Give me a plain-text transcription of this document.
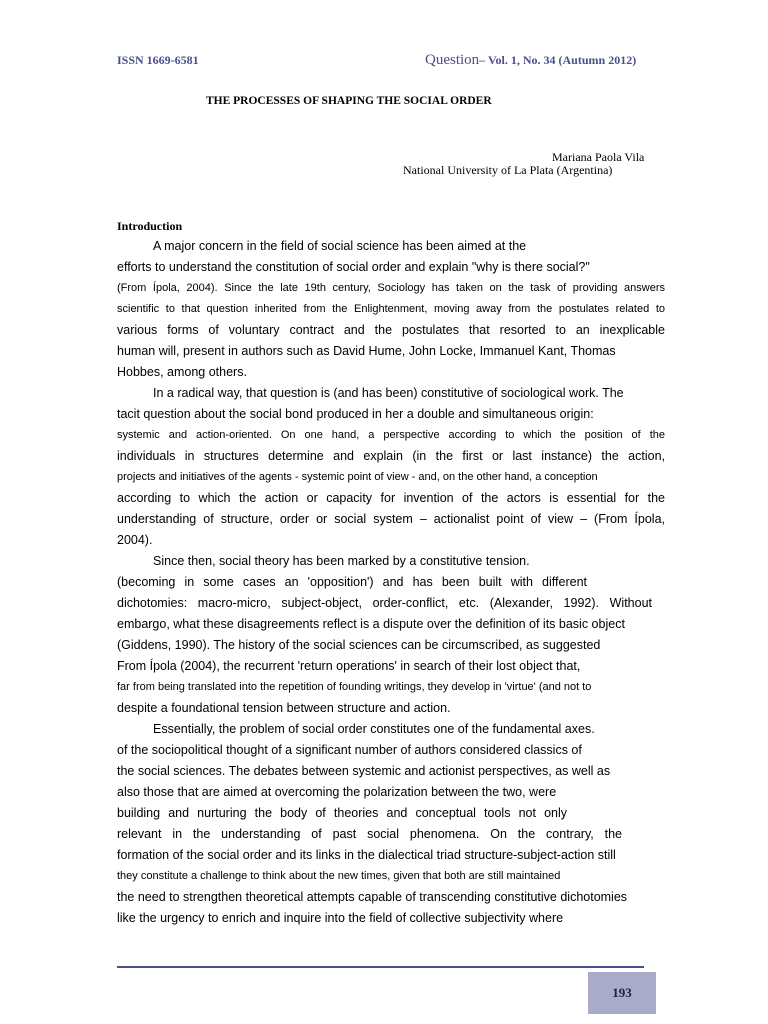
ISSN 1669-6581	Question– Vol. 1, No. 34 (Autumn 2012)
THE PROCESSES OF SHAPING THE SOCIAL ORDER
Mariana Paola Vila
National University of La Plata (Argentina)
Introduction
A major concern in the field of social science has been aimed at the
efforts to understand the constitution of social order and explain "why is there social?"
(From Ípola, 2004). Since the late 19th century, Sociology has taken on the task of providing answers
scientific to that question inherited from the Enlightenment, moving away from the postulates related to
various forms of voluntary contract and the postulates that resorted to an inexplicable
human will, present in authors such as David Hume, John Locke, Immanuel Kant, Thomas
Hobbes, among others.
In a radical way, that question is (and has been) constitutive of sociological work. The
tacit question about the social bond produced in her a double and simultaneous origin:
systemic and action-oriented. On one hand, a perspective according to which the position of the
individuals in structures determine and explain (in the first or last instance) the action,
projects and initiatives of the agents - systemic point of view - and, on the other hand, a conception
according to which the action or capacity for invention of the actors is essential for the
understanding of structure, order or social system – actionalist point of view – (From Ípola,
2004).
Since then, social theory has been marked by a constitutive tension.
(becoming in some cases an 'opposition') and has been built with different
dichotomies: macro-micro, subject-object, order-conflict, etc. (Alexander, 1992). Without
embargo, what these disagreements reflect is a dispute over the definition of its basic object
(Giddens, 1990). The history of the social sciences can be circumscribed, as suggested
From Ípola (2004), the recurrent 'return operations' in search of their lost object that,
far from being translated into the repetition of founding writings, they develop in 'virtue' (and not to
despite a foundational tension between structure and action.
Essentially, the problem of social order constitutes one of the fundamental axes.
of the sociopolitical thought of a significant number of authors considered classics of
the social sciences. The debates between systemic and actionist perspectives, as well as
also those that are aimed at overcoming the polarization between the two, were
building and nurturing the body of theories and conceptual tools not only
relevant in the understanding of past social phenomena. On the contrary, the
formation of the social order and its links in the dialectical triad structure-subject-action still
they constitute a challenge to think about the new times, given that both are still maintained
the need to strengthen theoretical attempts capable of transcending constitutive dichotomies
like the urgency to enrich and inquire into the field of collective subjectivity where
193
